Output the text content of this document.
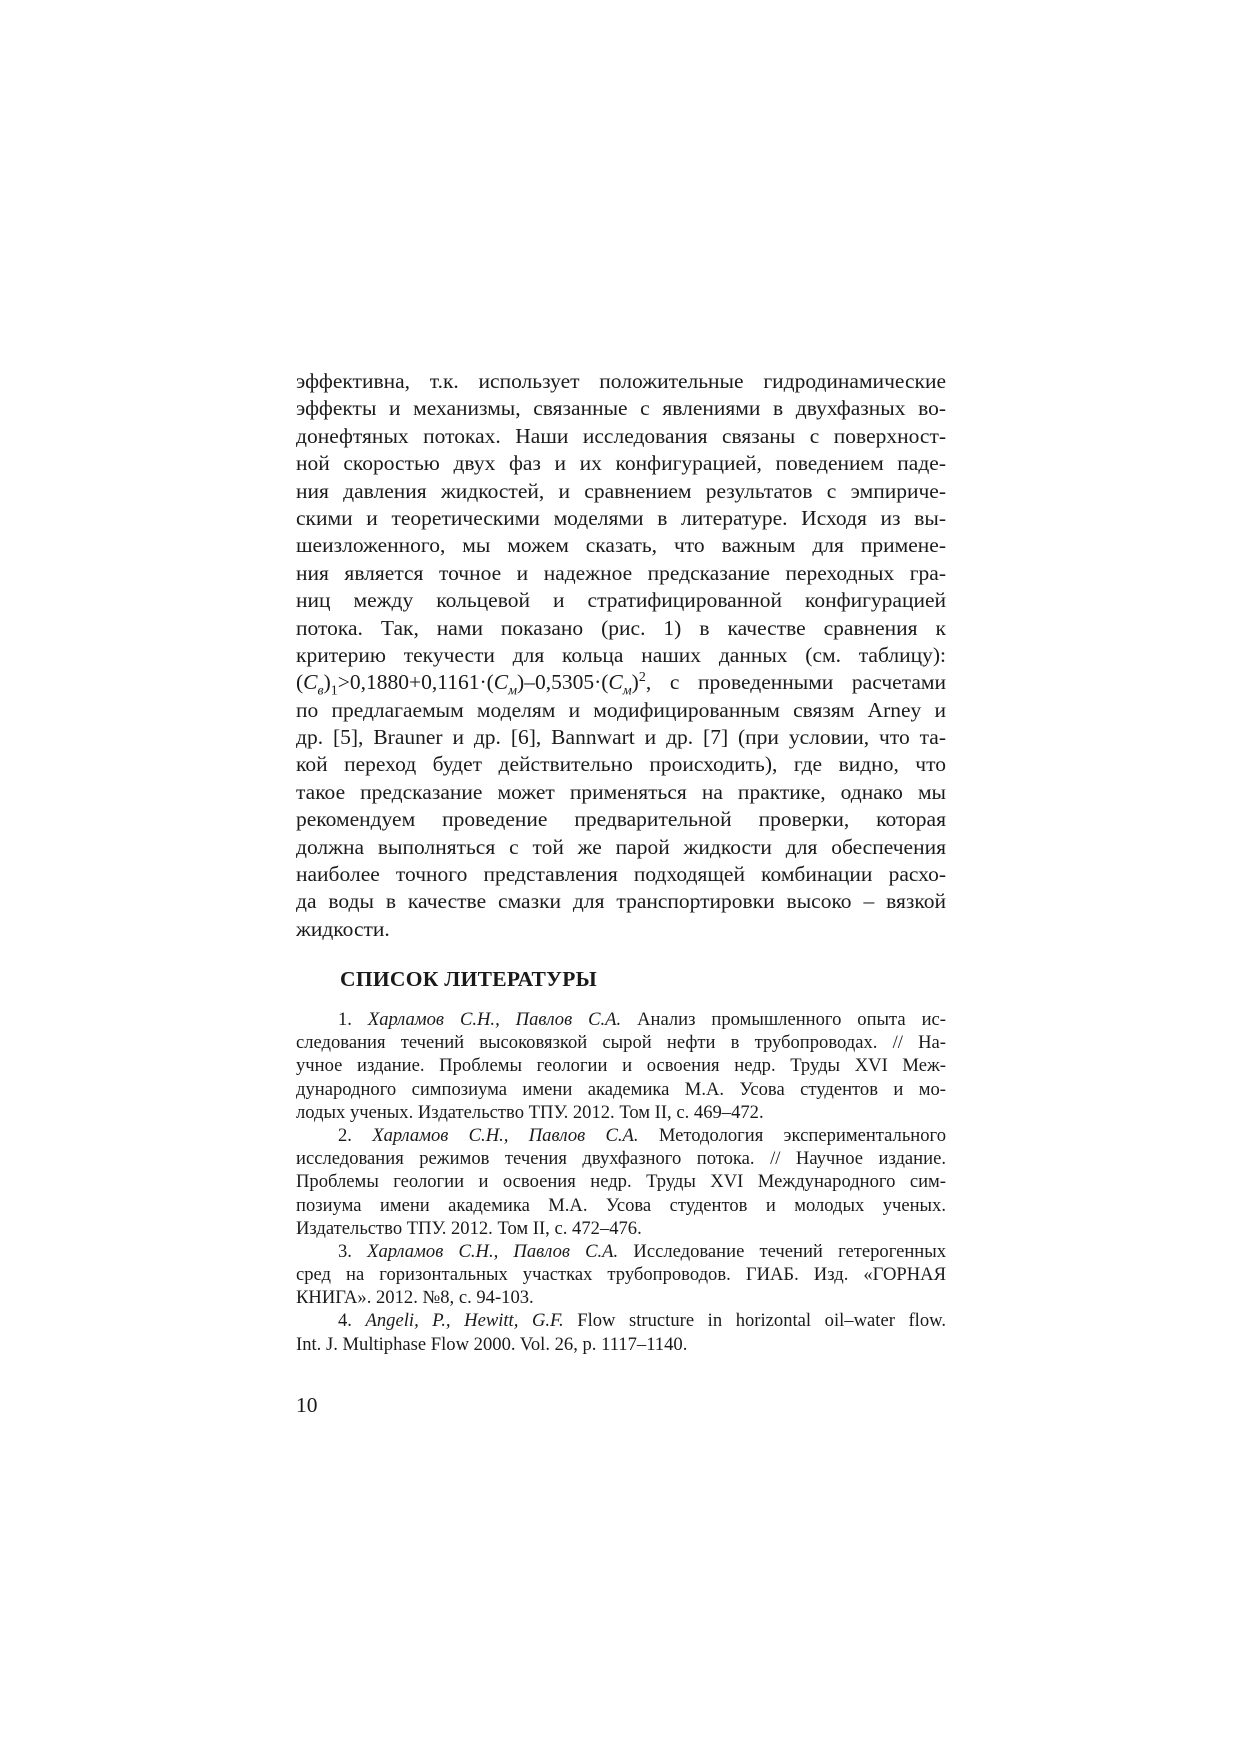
эффективна, т.к. использует положительные гидродинамические
эффекты и механизмы, связанные с явлениями в двухфазных во-
донефтяных потоках. Наши исследования связаны с поверхност-
ной скоростью двух фаз и их конфигурацией, поведением паде-
ния давления жидкостей, и сравнением результатов с эмпириче-
скими и теоретическими моделями в литературе. Исходя из вы-
шеизложенного, мы можем сказать, что важным для применe-
ния является точное и надежное предсказание переходных гра-
ниц между кольцевой и стратифицированной конфигурацией
потока. Так, нами показано (рис. 1) в качестве сравнения к
критерию текучести для кольца наших данных (см. таблицу):
$(C_в)_1>0,1880+0,1161\cdot(C_м)-0,5305\cdot(C_м)^2$, с проведенными расчетами
по предлагаемым моделям и модифицированным связям Arney и
др. [5], Brauner и др. [6], Bannwart и др. [7] (при условии, что та-
кой переход будет действительно происходить), где видно, что
такое предсказание может применяться на практике, однако мы
рекомендуем проведение предварительной проверки, которая
должна выполняться с той же парой жидкости для обеспечения
наиболее точного представления подходящей комбинации расхо-
да воды в качестве смазки для транспортировки высоко – вязкой
жидкости.
СПИСОК ЛИТЕРАТУРЫ
1. Харламов С.Н., Павлов С.А. Анализ промышленного опыта ис-
следования течений высоковязкой сырой нефти в трубопроводах. // На-
учное издание. Проблемы геологии и освоения недр. Труды XVI Меж-
дународного симпозиума имени академика М.А. Усова студентов и мо-
лодых ученых. Издательство ТПУ. 2012. Том II, с. 469–472.
2. Харламов С.Н., Павлов С.А. Методология экспериментального
исследования режимов течения двухфазного потока. // Научное издание.
Проблемы геологии и освоения недр. Труды XVI Международного сим-
позиума имени академика М.А. Усова студентов и молодых ученых.
Издательство ТПУ. 2012. Том II, с. 472–476.
3. Харламов С.Н., Павлов С.А. Исследование течений гетерогенных
сред на горизонтальных участках трубопроводов. ГИАБ. Изд. «ГОРНАЯ
КНИГА». 2012. №8, с. 94-103.
4. Angeli, P., Hewitt, G.F. Flow structure in horizontal oil–water flow.
Int. J. Multiphase Flow 2000. Vol. 26, p. 1117–1140.
10
